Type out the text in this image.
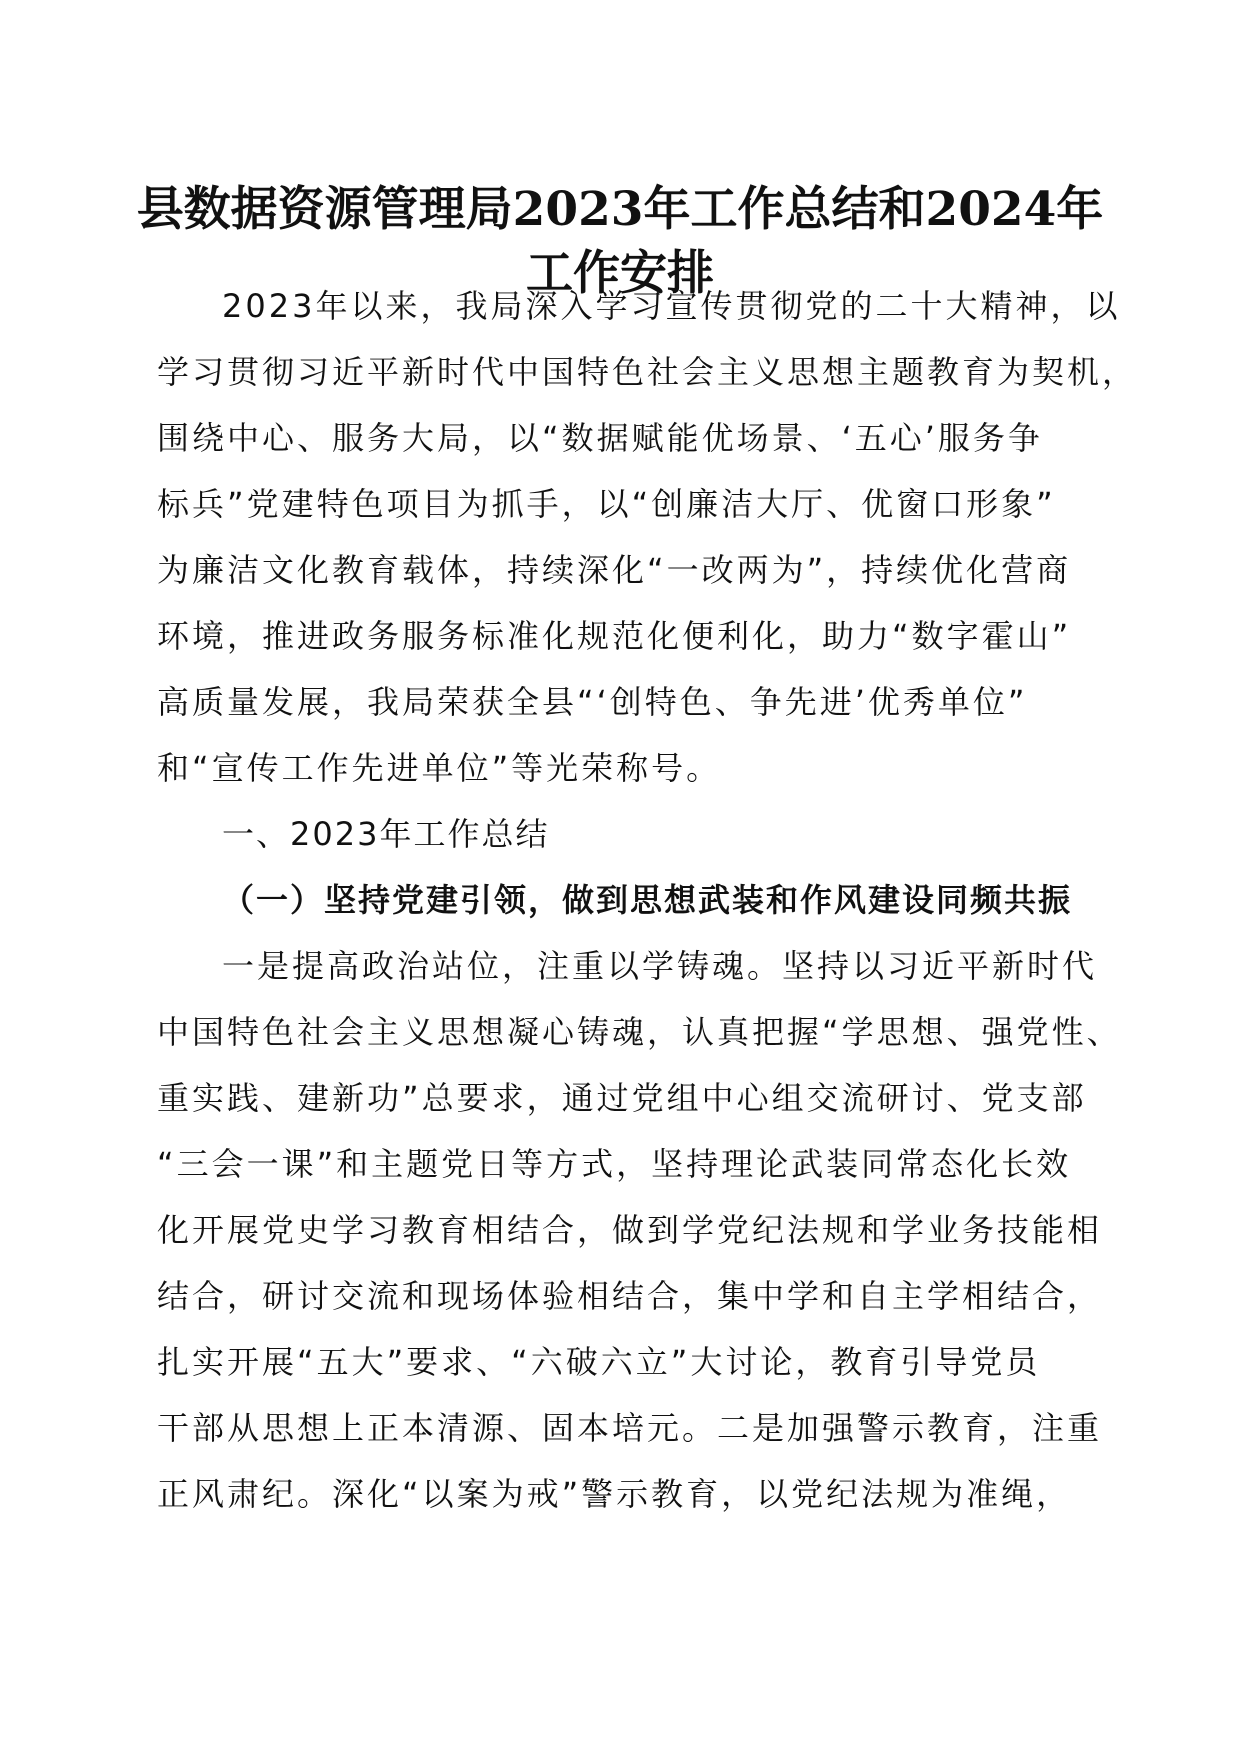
县数据资源管理局2023年工作总结和2024年
工作安排
2023年以来，我局深入学习宣传贯彻党的二十大精神，以
学习贯彻习近平新时代中国特色社会主义思想主题教育为契机，
围绕中心、服务大局，以“数据赋能优场景、‘五心’服务争
标兵”党建特色项目为抓手，以“创廉洁大厅、优窗口形象”
为廉洁文化教育载体，持续深化“一改两为”，持续优化营商
环境，推进政务服务标准化规范化便利化，助力“数字霍山”
高质量发展，我局荣获全县“‘创特色、争先进’优秀单位”
和“宣传工作先进单位”等光荣称号。
一、2023年工作总结
（一）坚持党建引领，做到思想武装和作风建设同频共振
一是提高政治站位，注重以学铸魂。坚持以习近平新时代
中国特色社会主义思想凝心铸魂，认真把握“学思想、强党性、
重实践、建新功”总要求，通过党组中心组交流研讨、党支部
“三会一课”和主题党日等方式，坚持理论武装同常态化长效
化开展党史学习教育相结合，做到学党纪法规和学业务技能相
结合，研讨交流和现场体验相结合，集中学和自主学相结合，
扎实开展“五大”要求、“六破六立”大讨论，教育引导党员
干部从思想上正本清源、固本培元。二是加强警示教育，注重
正风肃纪。深化“以案为戒”警示教育，以党纪法规为准绳，
